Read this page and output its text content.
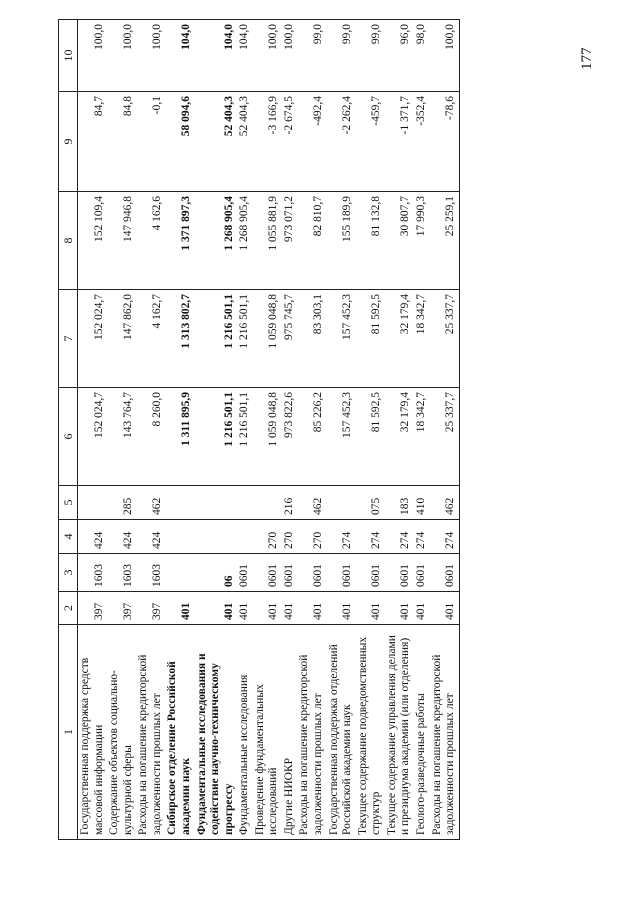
177
1	2	3	4	5	6	7	8	9	10
Государственная поддержка средств массовой информации	397	1603	424		152 024,7	152 024,7	152 109,4	84,7	100,0
Содержание объектов социально-культурной сферы	397	1603	424	285	143 764,7	147 862,0	147 946,8	84,8	100,0
Расходы на погашение кредиторской задолженности прошлых лет	397	1603	424	462	8 260,0	4 162,7	4 162,6	-0,1	100,0
Сибирское отделение Российской академии наук	401				1 311 895,9	1 313 802,7	1 371 897,3	58 094,6	104,0
Фундаментальные исследования и содействие научно-техническому прогрессу	401	06			1 216 501,1	1 216 501,1	1 268 905,4	52 404,3	104,0
Фундаментальные исследования	401	0601			1 216 501,1	1 216 501,1	1 268 905,4	52 404,3	104,0
Проведение фундаментальных исследований	401	0601	270		1 059 048,8	1 059 048,8	1 055 881,9	-3 166,9	100,0
Другие НИОКР	401	0601	270	216	973 822,6	975 745,7	973 071,2	-2 674,5	100,0
Расходы на погашение кредиторской задолженности прошлых лет	401	0601	270	462	85 226,2	83 303,1	82 810,7	-492,4	99,0
Государственная поддержка отделений Российской академии наук	401	0601	274		157 452,3	157 452,3	155 189,9	-2 262,4	99,0
Текущее содержание подведомственных структур	401	0601	274	075	81 592,5	81 592,5	81 132,8	-459,7	99,0
Текущее содержание управления делами и президиума академии (или отделения)	401	0601	274	183	32 179,4	32 179,4	30 807,7	-1 371,7	96,0
Геолого-разведочные работы	401	0601	274	410	18 342,7	18 342,7	17 990,3	-352,4	98,0
Расходы на погашение кредиторской задолженности прошлых лет	401	0601	274	462	25 337,7	25 337,7	25 259,1	-78,6	100,0
